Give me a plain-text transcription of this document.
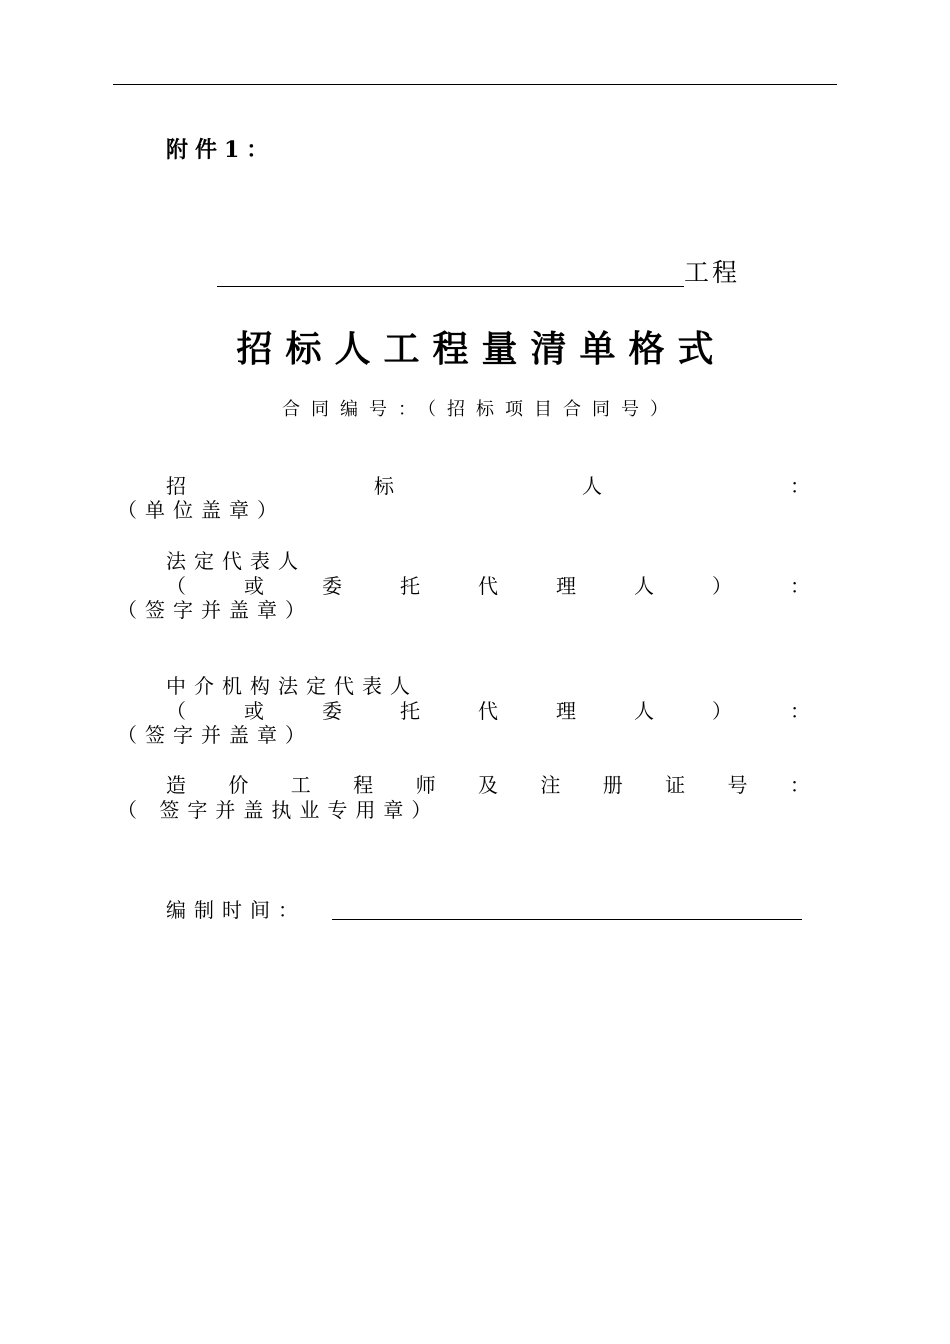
附件1：
工程
招标人工程量清单格式
合同编号：（招标项目合同号）
招	标	人	：
（单位盖章）
法定代表人
（	或	委	托	代	理	人	）	：
（签字并盖章）
中介机构法定代表人
（	或	委	托	代	理	人	）	：
（签字并盖章）
造 价 工 程 师 及 注 册 证 号 ：
（ 签字并盖执业专用章）
编制时间：
